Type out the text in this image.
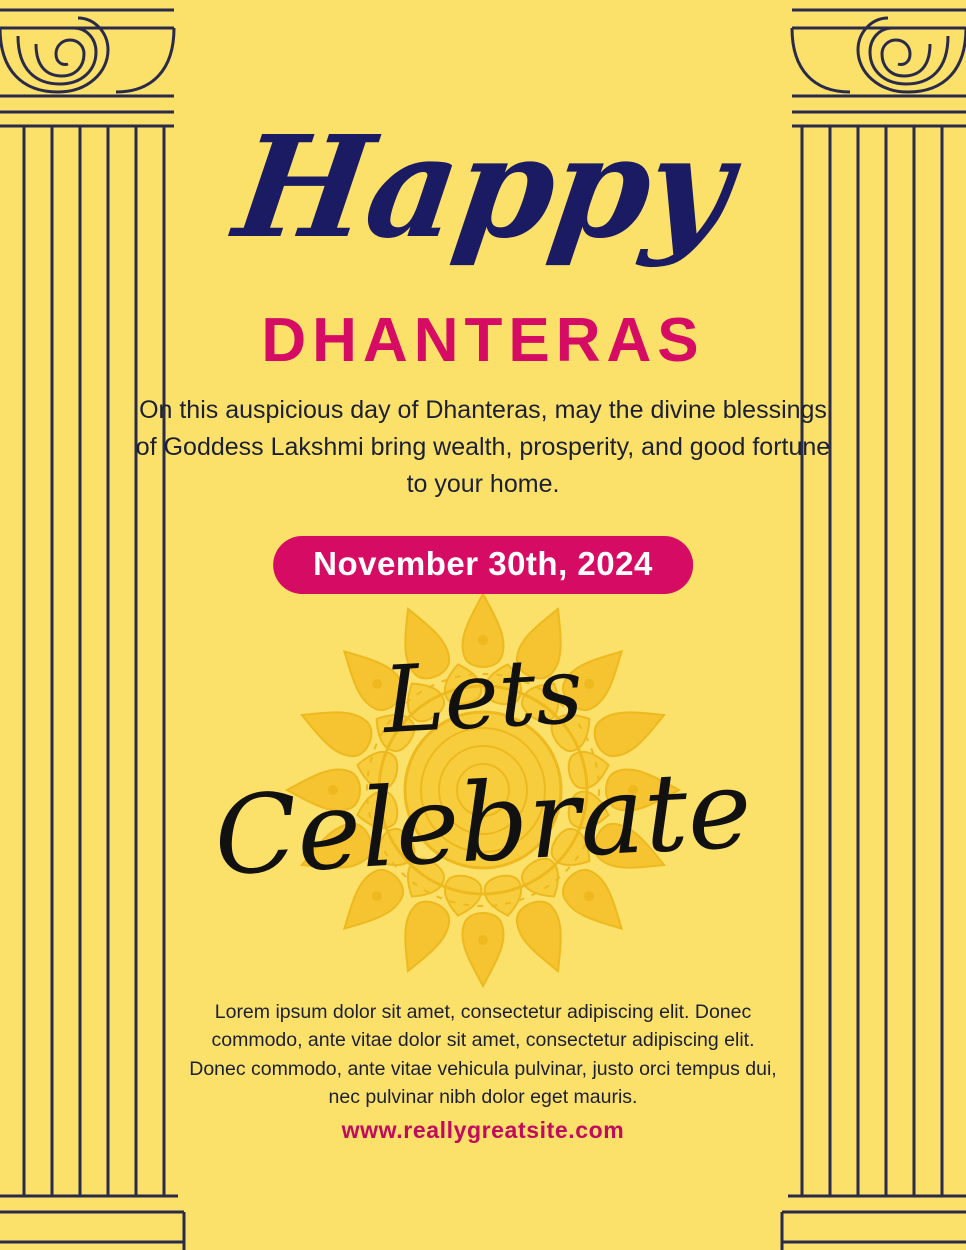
Happy
DHANTERAS
On this auspicious day of Dhanteras, may the divine blessings of Goddess Lakshmi bring wealth, prosperity, and good fortune to your home.
November 30th, 2024
Lets
Celebrate
Lorem ipsum dolor sit amet, consectetur adipiscing elit. Donec commodo, ante vitae dolor sit amet, consectetur adipiscing elit. Donec commodo, ante vitae vehicula pulvinar, justo orci tempus dui, nec pulvinar nibh dolor eget mauris.
www.reallygreatsite.com
